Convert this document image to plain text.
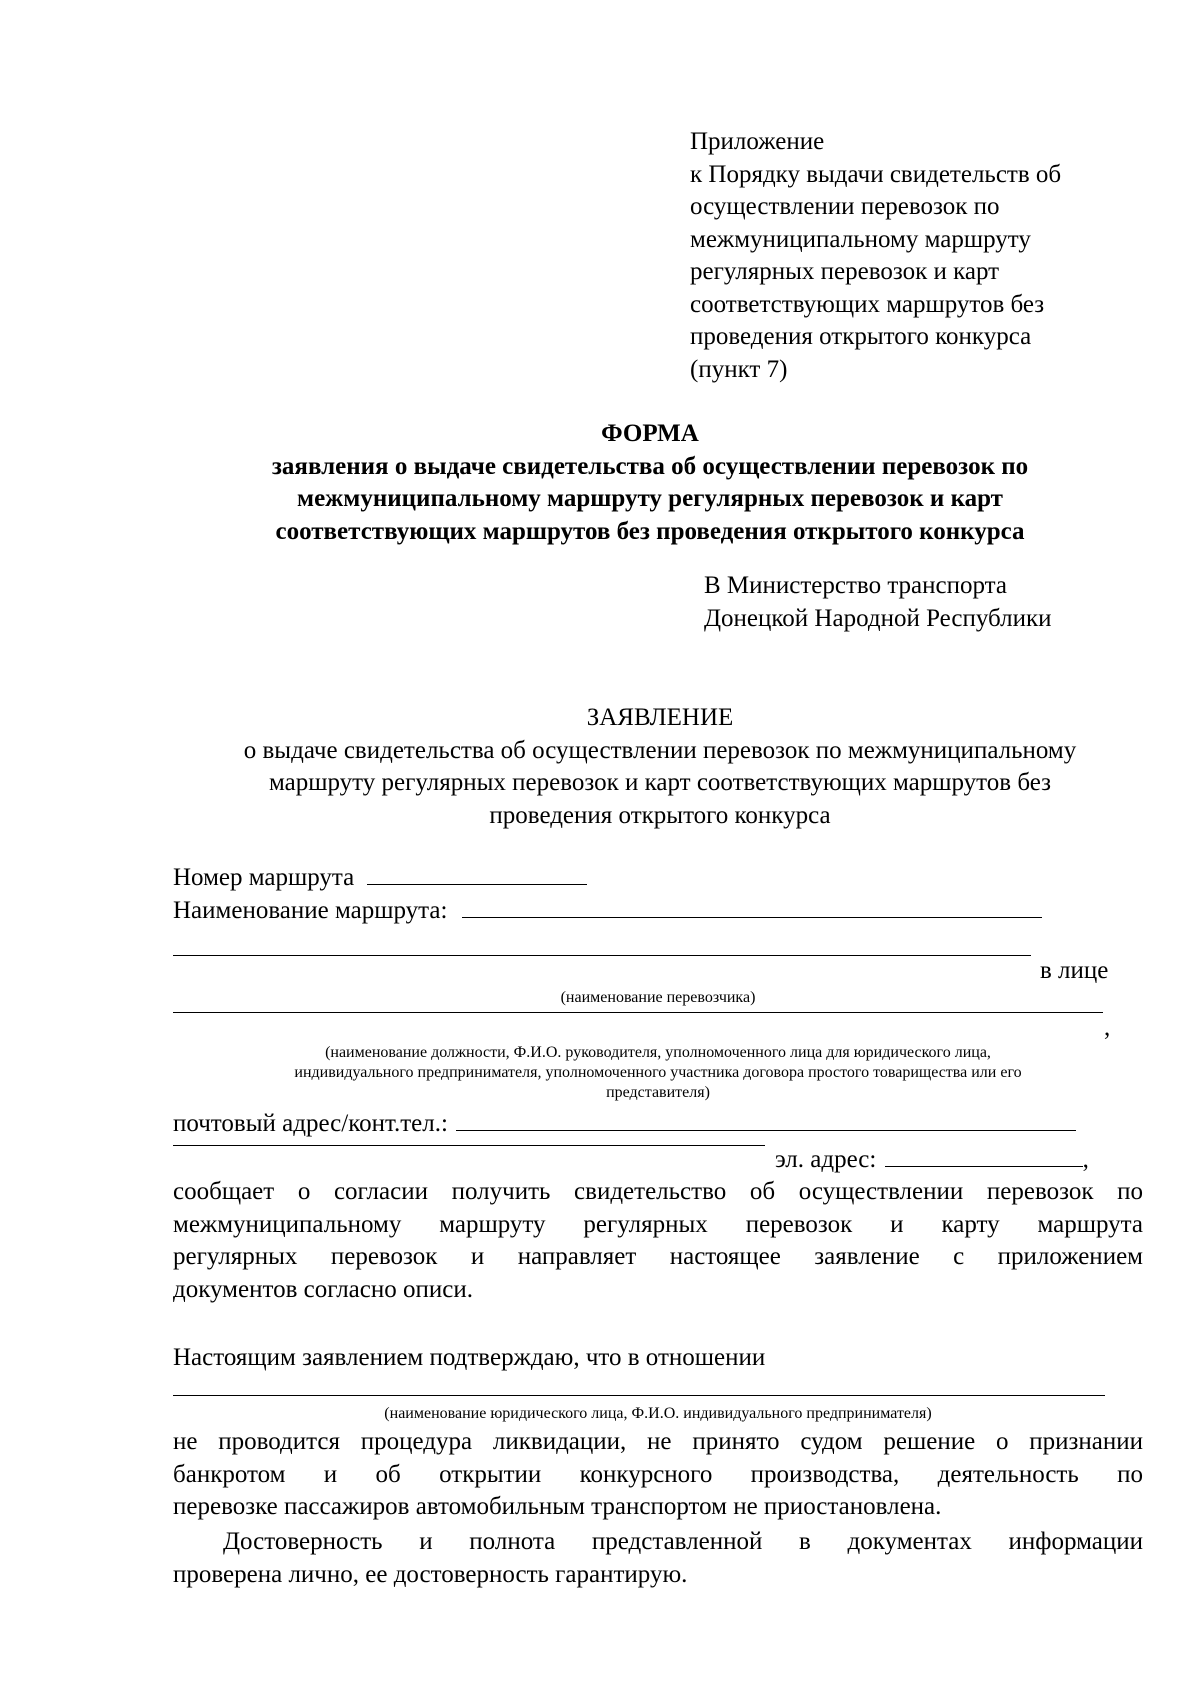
Приложение
к Порядку выдачи свидетельств об
осуществлении перевозок по
межмуниципальному маршруту
регулярных перевозок и карт
соответствующих маршрутов без
проведения открытого конкурса
(пункт 7)
ФОРМА
заявления о выдаче свидетельства об осуществлении перевозок по
межмуниципальному маршруту регулярных перевозок и карт
соответствующих маршрутов без проведения открытого конкурса
В Министерство транспорта
Донецкой Народной Республики
ЗАЯВЛЕНИЕ
о выдаче свидетельства об осуществлении перевозок по межмуниципальному
маршруту регулярных перевозок и карт соответствующих маршрутов без
проведения открытого конкурса
Номер маршрута
Наименование маршрута:
в лице
(наименование перевозчика)
,
(наименование должности, Ф.И.О. руководителя, уполномоченного лица для юридического лица,
индивидуального предпринимателя, уполномоченного участника договора простого товарищества или его
представителя)
почтовый адрес/конт.тел.:
эл. адрес:	,
сообщает о согласии получить свидетельство об осуществлении перевозок по
межмуниципальному маршруту регулярных перевозок и карту маршрута
регулярных перевозок и направляет настоящее заявление с приложением
документов согласно описи.
Настоящим заявлением подтверждаю, что в отношении
(наименование юридического лица, Ф.И.О. индивидуального предпринимателя)
не проводится процедура ликвидации, не принято судом решение о признании
банкротом и об открытии конкурсного производства, деятельность по
перевозке пассажиров автомобильным транспортом не приостановлена.
Достоверность и полнота представленной в документах информации
проверена лично, ее достоверность гарантирую.
